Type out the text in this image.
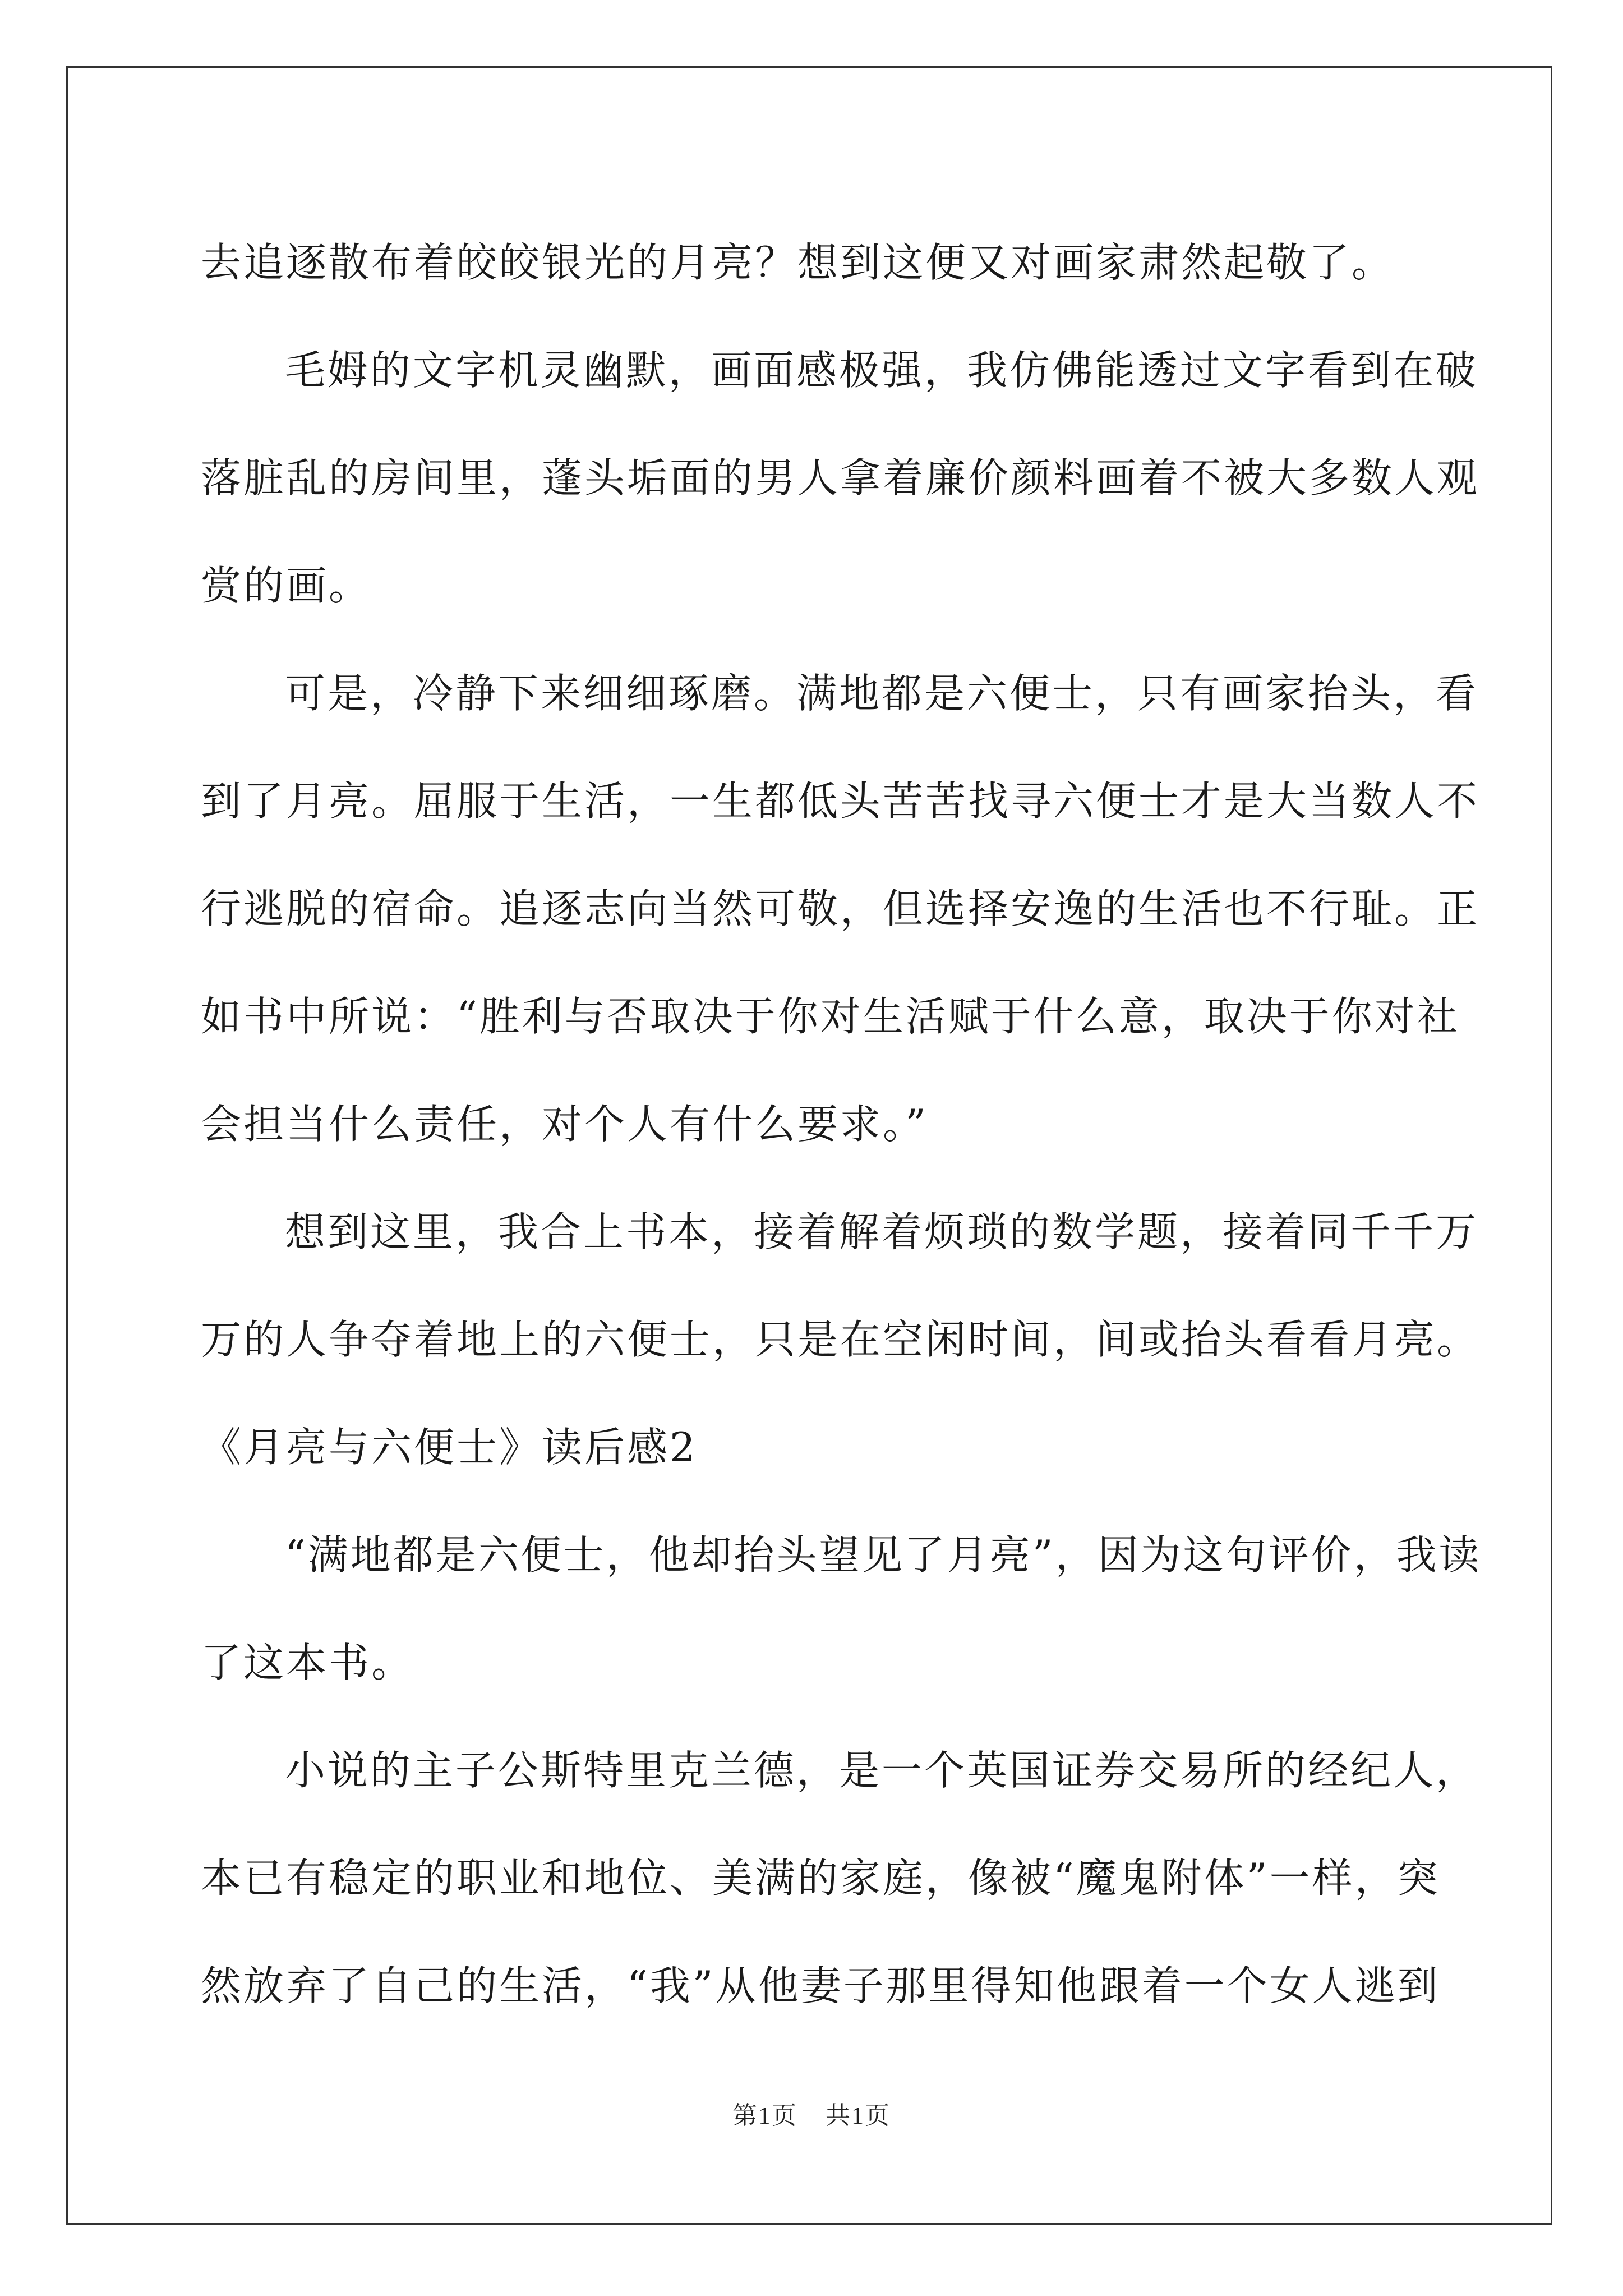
去追逐散布着皎皎银光的月亮？想到这便又对画家肃然起敬了。
毛姆的文字机灵幽默，画面感极强，我仿佛能透过文字看到在破
落脏乱的房间里，蓬头垢面的男人拿着廉价颜料画着不被大多数人观
赏的画。
可是，冷静下来细细琢磨。满地都是六便士，只有画家抬头，看
到了月亮。屈服于生活，一生都低头苦苦找寻六便士才是大当数人不
行逃脱的宿命。追逐志向当然可敬，但选择安逸的生活也不行耻。正
如书中所说：“胜利与否取决于你对生活赋于什么意，取决于你对社
会担当什么责任，对个人有什么要求。”
想到这里，我合上书本，接着解着烦琐的数学题，接着同千千万
万的人争夺着地上的六便士，只是在空闲时间，间或抬头看看月亮。
《月亮与六便士》读后感2
“满地都是六便士，他却抬头望见了月亮”，因为这句评价，我读
了这本书。
小说的主子公斯特里克兰德，是一个英国证券交易所的经纪人，
本已有稳定的职业和地位、美满的家庭，像被“魔鬼附体”一样，突
然放弃了自己的生活，“我”从他妻子那里得知他跟着一个女人逃到
第1页 共1页
